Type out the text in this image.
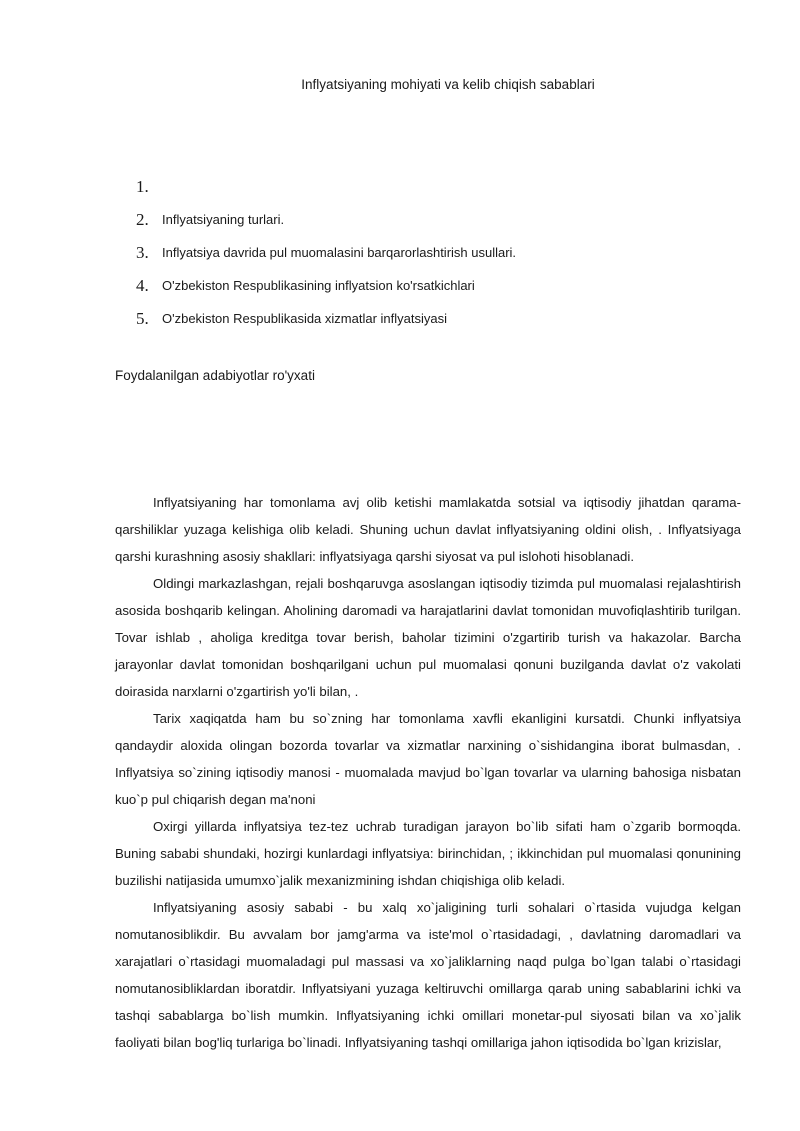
Inflyatsiyaning mohiyati va kelib chiqish sabablari
1.
2.	Inflyatsiyaning turlari.
3.	Inflyatsiya davrida pul muomalasini barqarorlashtirish usullari.
4.	O'zbekiston Respublikasining inflyatsion ko'rsatkichlari
5.	O'zbekiston Respublikasida xizmatlar inflyatsiyasi
Foydalanilgan adabiyotlar ro'yxati

Inflyatsiyaning har tomonlama avj olib ketishi mamlakatda sotsial va iqtisodiy jihatdan qarama-qarshiliklar yuzaga kelishiga olib keladi. Shuning uchun davlat inflyatsiyaning oldini olish, . Inflyatsiyaga qarshi kurashning asosiy shakllari: inflyatsiyaga qarshi siyosat va pul islohoti hisoblanadi.

Oldingi markazlashgan, rejali boshqaruvga asoslangan iqtisodiy tizimda pul muomalasi rejalashtirish asosida boshqarib kelingan. Aholining daromadi va harajatlarini davlat tomonidan muvofiqlashtirib turilgan. Tovar ishlab , aholiga kreditga tovar berish, baholar tizimini o'zgartirib turish va hakazolar. Barcha jarayonlar davlat tomonidan boshqarilgani uchun pul muomalasi qonuni buzilganda davlat o'z vakolati doirasida narxlarni o'zgartirish yo'li bilan, .

Tarix xaqiqatda ham bu so`zning har tomonlama xavfli ekanligini kursatdi. Chunki inflyatsiya qandaydir aloxida olingan bozorda tovarlar va xizmatlar narxining o`sishidangina iborat bulmasdan, . Inflyatsiya so`zining iqtisodiy manosi - muomalada mavjud bo`lgan tovarlar va ularning bahosiga nisbatan kuo`p pul chiqarish degan ma'noni

Oxirgi yillarda inflyatsiya tez-tez uchrab turadigan jarayon bo`lib sifati ham o`zgarib bormoqda. Buning sababi shundaki, hozirgi kunlardagi inflyatsiya: birinchidan, ; ikkinchidan pul muomalasi qonunining buzilishi natijasida umumxo`jalik mexanizmining ishdan chiqishiga olib keladi.

Inflyatsiyaning asosiy sababi - bu xalq xo`jaligining turli sohalari o`rtasida vujudga kelgan nomutanosiblikdir. Bu avvalam bor jamg'arma va iste'mol o`rtasidadagi, , davlatning daromadlari va xarajatlari o`rtasidagi muomaladagi pul massasi va xo`jaliklarning naqd pulga bo`lgan talabi o`rtasidagi nomutanosibliklardan iboratdir. Inflyatsiyani yuzaga keltiruvchi omillarga qarab uning sabablarini ichki va tashqi sabablarga bo`lish mumkin. Inflyatsiyaning ichki omillari monetar-pul siyosati bilan va xo`jalik faoliyati bilan bog'liq turlariga bo`linadi. Inflyatsiyaning tashqi omillariga jahon iqtisodida bo`lgan krizislar,
